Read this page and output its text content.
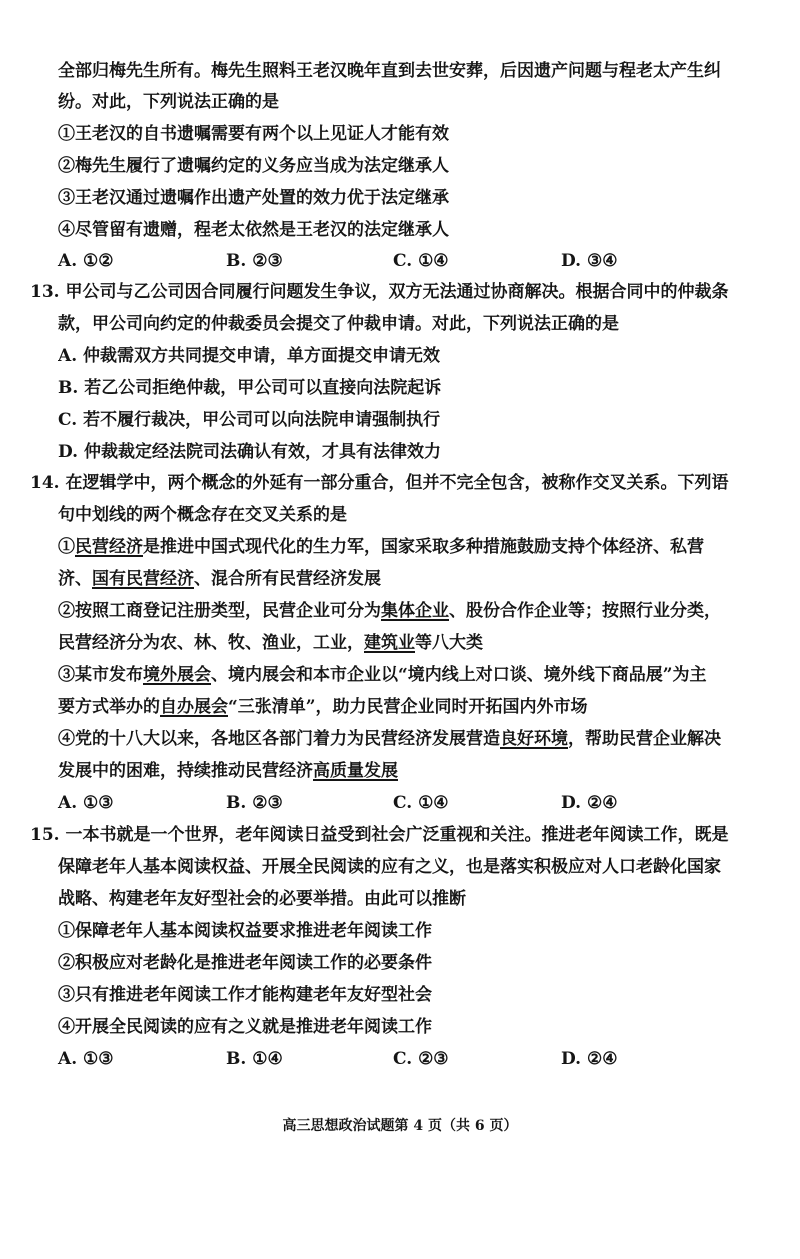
全部归梅先生所有。梅先生照料王老汉晚年直到去世安葬，后因遗产问题与程老太产生纠
纷。对此，下列说法正确的是
①王老汉的自书遗嘱需要有两个以上见证人才能有效
②梅先生履行了遗嘱约定的义务应当成为法定继承人
③王老汉通过遗嘱作出遗产处置的效力优于法定继承
④尽管留有遗赠，程老太依然是王老汉的法定继承人
A. ①②	B. ②③	C. ①④	D. ③④
13. 甲公司与乙公司因合同履行问题发生争议，双方无法通过协商解决。根据合同中的仲裁条
款，甲公司向约定的仲裁委员会提交了仲裁申请。对此，下列说法正确的是
A. 仲裁需双方共同提交申请，单方面提交申请无效
B. 若乙公司拒绝仲裁，甲公司可以直接向法院起诉
C. 若不履行裁决，甲公司可以向法院申请强制执行
D. 仲裁裁定经法院司法确认有效，才具有法律效力
14. 在逻辑学中，两个概念的外延有一部分重合，但并不完全包含，被称作交叉关系。下列语
句中划线的两个概念存在交叉关系的是
①民营经济是推进中国式现代化的生力军，国家采取多种措施鼓励支持个体经济、私营
济、国有民营经济、混合所有民营经济发展
②按照工商登记注册类型，民营企业可分为集体企业、股份合作企业等；按照行业分类，
民营经济分为农、林、牧、渔业，工业，建筑业等八大类
③某市发布境外展会、境内展会和本市企业以“境内线上对口谈、境外线下商品展”为主
要方式举办的自办展会“三张清单”，助力民营企业同时开拓国内外市场
④党的十八大以来，各地区各部门着力为民营经济发展营造良好环境，帮助民营企业解决
发展中的困难，持续推动民营经济高质量发展
A. ①③	B. ②③	C. ①④	D. ②④
15. 一本书就是一个世界，老年阅读日益受到社会广泛重视和关注。推进老年阅读工作，既是
保障老年人基本阅读权益、开展全民阅读的应有之义，也是落实积极应对人口老龄化国家
战略、构建老年友好型社会的必要举措。由此可以推断
①保障老年人基本阅读权益要求推进老年阅读工作
②积极应对老龄化是推进老年阅读工作的必要条件
③只有推进老年阅读工作才能构建老年友好型社会
④开展全民阅读的应有之义就是推进老年阅读工作
A. ①③	B. ①④	C. ②③	D. ②④
高三思想政治试题第 4 页（共 6 页）
